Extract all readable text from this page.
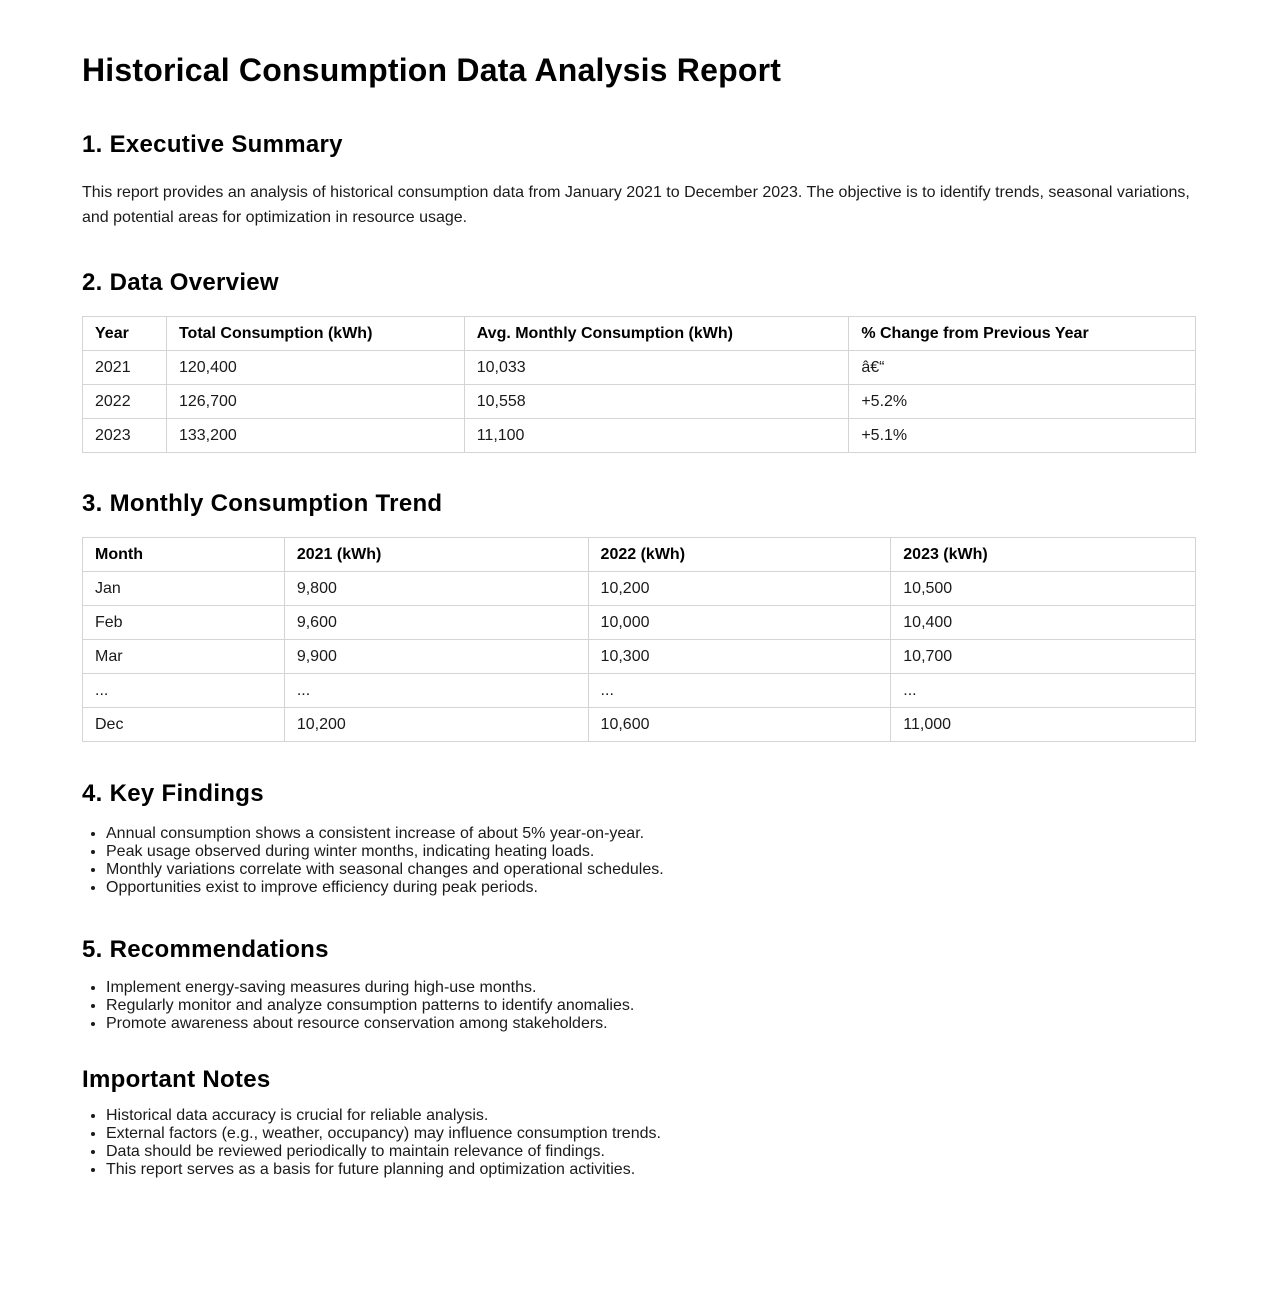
Historical Consumption Data Analysis Report
1. Executive Summary

This report provides an analysis of historical consumption data from January 2021 to December 2023. The objective is to identify trends, seasonal variations, and potential areas for optimization in resource usage.

2. Data Overview
Year	Total Consumption (kWh)	Avg. Monthly Consumption (kWh)	% Change from Previous Year
2021	120,400	10,033	â€“
2022	126,700	10,558	+5.2%
2023	133,200	11,100	+5.1%
3. Monthly Consumption Trend
Month	2021 (kWh)	2022 (kWh)	2023 (kWh)
Jan	9,800	10,200	10,500
Feb	9,600	10,000	10,400
Mar	9,900	10,300	10,700
...	...	...	...
Dec	10,200	10,600	11,000
4. Key Findings
• Annual consumption shows a consistent increase of about 5% year-on-year.
• Peak usage observed during winter months, indicating heating loads.
• Monthly variations correlate with seasonal changes and operational schedules.
• Opportunities exist to improve efficiency during peak periods.
5. Recommendations
• Implement energy-saving measures during high-use months.
• Regularly monitor and analyze consumption patterns to identify anomalies.
• Promote awareness about resource conservation among stakeholders.
Important Notes
• Historical data accuracy is crucial for reliable analysis.
• External factors (e.g., weather, occupancy) may influence consumption trends.
• Data should be reviewed periodically to maintain relevance of findings.
• This report serves as a basis for future planning and optimization activities.
